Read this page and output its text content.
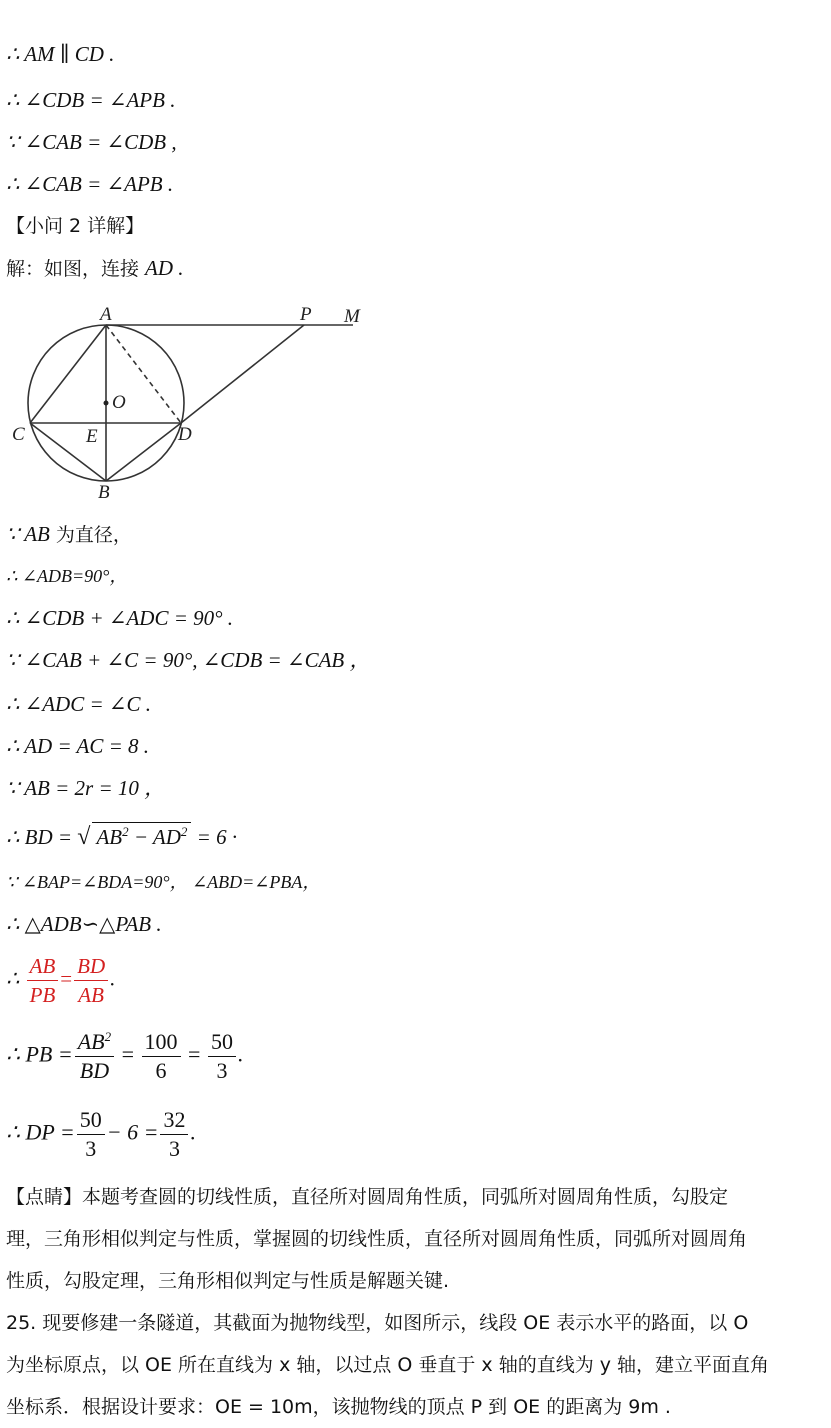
∴ AM ∥ CD .
∴ ∠CDB = ∠APB .
∵ ∠CAB = ∠CDB ,
∴ ∠CAB = ∠APB .
【小问 2 详解】
解：如图，连接 AD .
A	P M
O
C	E	D
B
∵ AB 为直径，
∴ ∠ADB=90°，
∴ ∠CDB + ∠ADC = 90° .
∵ ∠CAB + ∠C = 90°, ∠CDB = ∠CAB ，
∴ ∠ADC = ∠C .
∴ AD = AC = 8 .
∵ AB = 2r = 10 ，
∴ BD = √ $AB^2 - AD^2 = 6$ ·
∵ ∠BAP=∠BDA=90°， ∠ABD=∠PBA，
∴ △ADB∽△PAB .
∴ $\frac{AB}{PB} = \frac{BD}{AB}$ .
∴ PB = $\frac{AB^2}{BD} = \frac{100}{6} = \frac{50}{3}$ .
∴ DP = $\frac{50}{3} - 6 = \frac{32}{3}$ .
【点睛】本题考查圆的切线性质，直径所对圆周角性质，同弧所对圆周角性质，勾股定
理，三角形相似判定与性质，掌握圆的切线性质，直径所对圆周角性质，同弧所对圆周角
性质，勾股定理，三角形相似判定与性质是解题关键.
25. 现要修建一条隧道，其截面为抛物线型，如图所示，线段 OE 表示水平的路面，以 O
为坐标原点，以 OE 所在直线为 x 轴，以过点 O 垂直于 x 轴的直线为 y 轴，建立平面直角
坐标系．根据设计要求：OE = 10m，该抛物线的顶点 P 到 OE 的距离为 9m .
